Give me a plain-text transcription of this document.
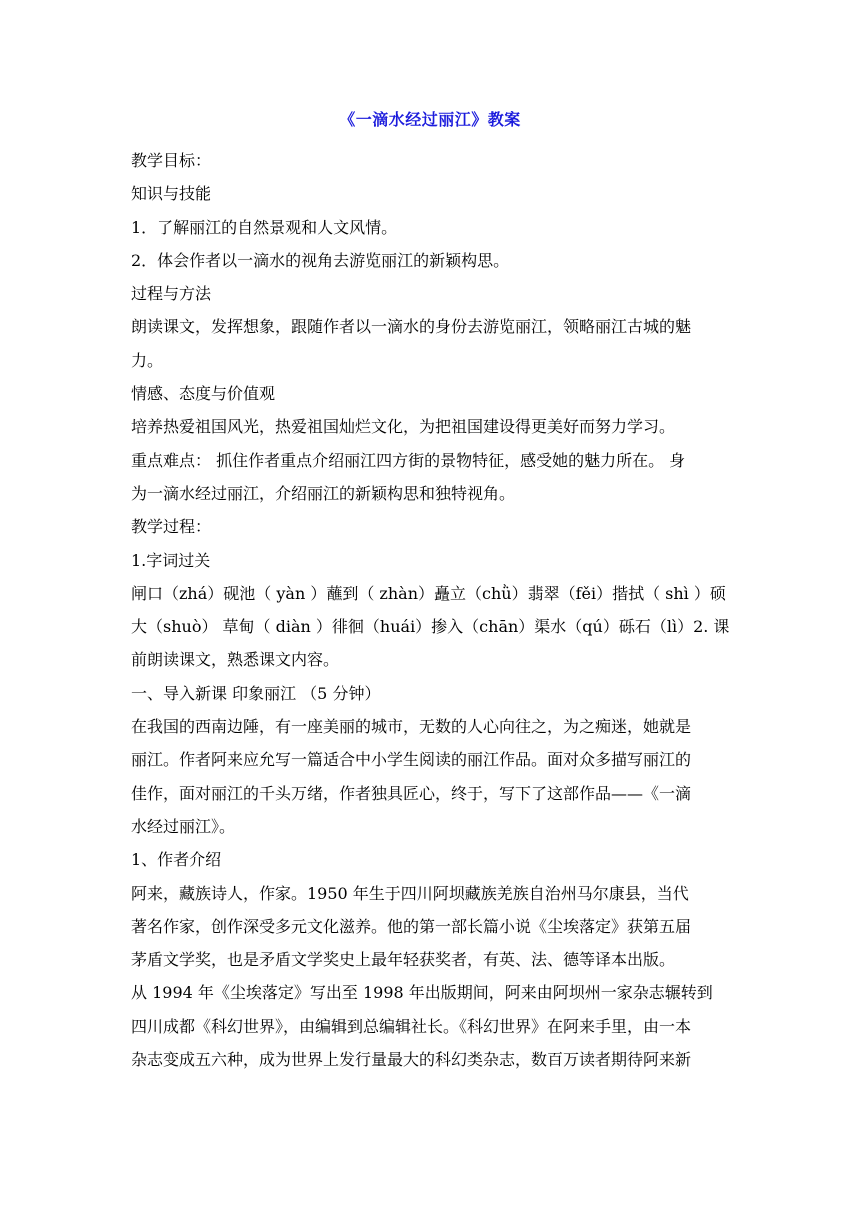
《一滴水经过丽江》教案

教学目标：

知识与技能

1．了解丽江的自然景观和人文风情。

2．体会作者以一滴水的视角去游览丽江的新颖构思。

过程与方法

朗读课文，发挥想象，跟随作者以一滴水的身份去游览丽江，领略丽江古城的魅

力。

情感、态度与价值观

培养热爱祖国风光，热爱祖国灿烂文化，为把祖国建设得更美好而努力学习。

重点难点： 抓住作者重点介绍丽江四方街的景物特征，感受她的魅力所在。 身

为一滴水经过丽江，介绍丽江的新颖构思和独特视角。

教学过程：

1.字词过关

闸口（zhá）砚池（ yàn ）蘸到（ zhàn）矗立（chǜ）翡翠（fěi）揩拭（ shì ）硕

大（shuò） 草甸（ diàn ）徘徊（huái）掺入（chān）渠水（qú）砾石（lì）2. 课

前朗读课文，熟悉课文内容。

一、导入新课 印象丽江 （5 分钟）

在我国的西南边陲，有一座美丽的城市，无数的人心向往之，为之痴迷，她就是

丽江。作者阿来应允写一篇适合中小学生阅读的丽江作品。面对众多描写丽江的

佳作，面对丽江的千头万绪，作者独具匠心，终于，写下了这部作品——《一滴

水经过丽江》。

1、作者介绍

阿来，藏族诗人，作家。1950 年生于四川阿坝藏族羌族自治州马尔康县，当代

著名作家，创作深受多元文化滋养。他的第一部长篇小说《尘埃落定》获第五届

茅盾文学奖，也是矛盾文学奖史上最年轻获奖者，有英、法、德等译本出版。

从 1994 年《尘埃落定》写出至 1998 年出版期间，阿来由阿坝州一家杂志辗转到

四川成都《科幻世界》，由编辑到总编辑社长。《科幻世界》在阿来手里，由一本

杂志变成五六种，成为世界上发行量最大的科幻类杂志，数百万读者期待阿来新
